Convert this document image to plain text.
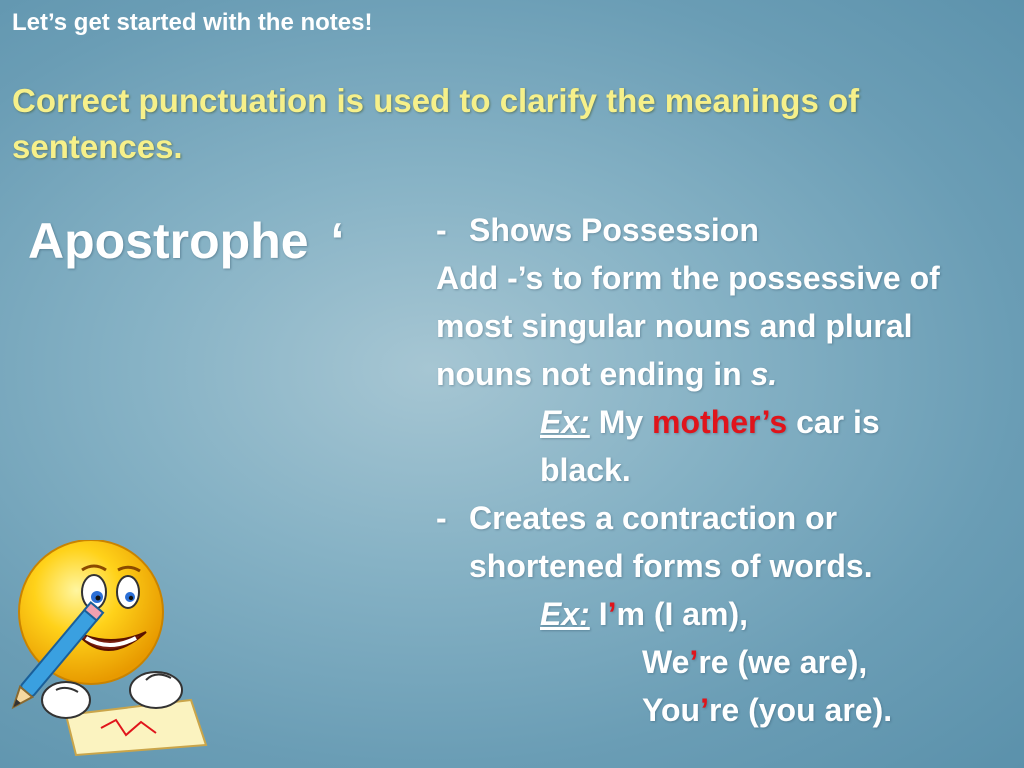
Let’s get started with the notes!
Correct punctuation is used to clarify the meanings of sentences.
Apostrophe ‘	- Shows Possession
Add -’s to form the possessive of
most singular nouns and plural
nouns not ending in s.
Ex: My mother’s car is
black.
- Creates a contraction or
shortened forms of words.
Ex: I’m (I am),
We’re (we are),
You’re (you are).
